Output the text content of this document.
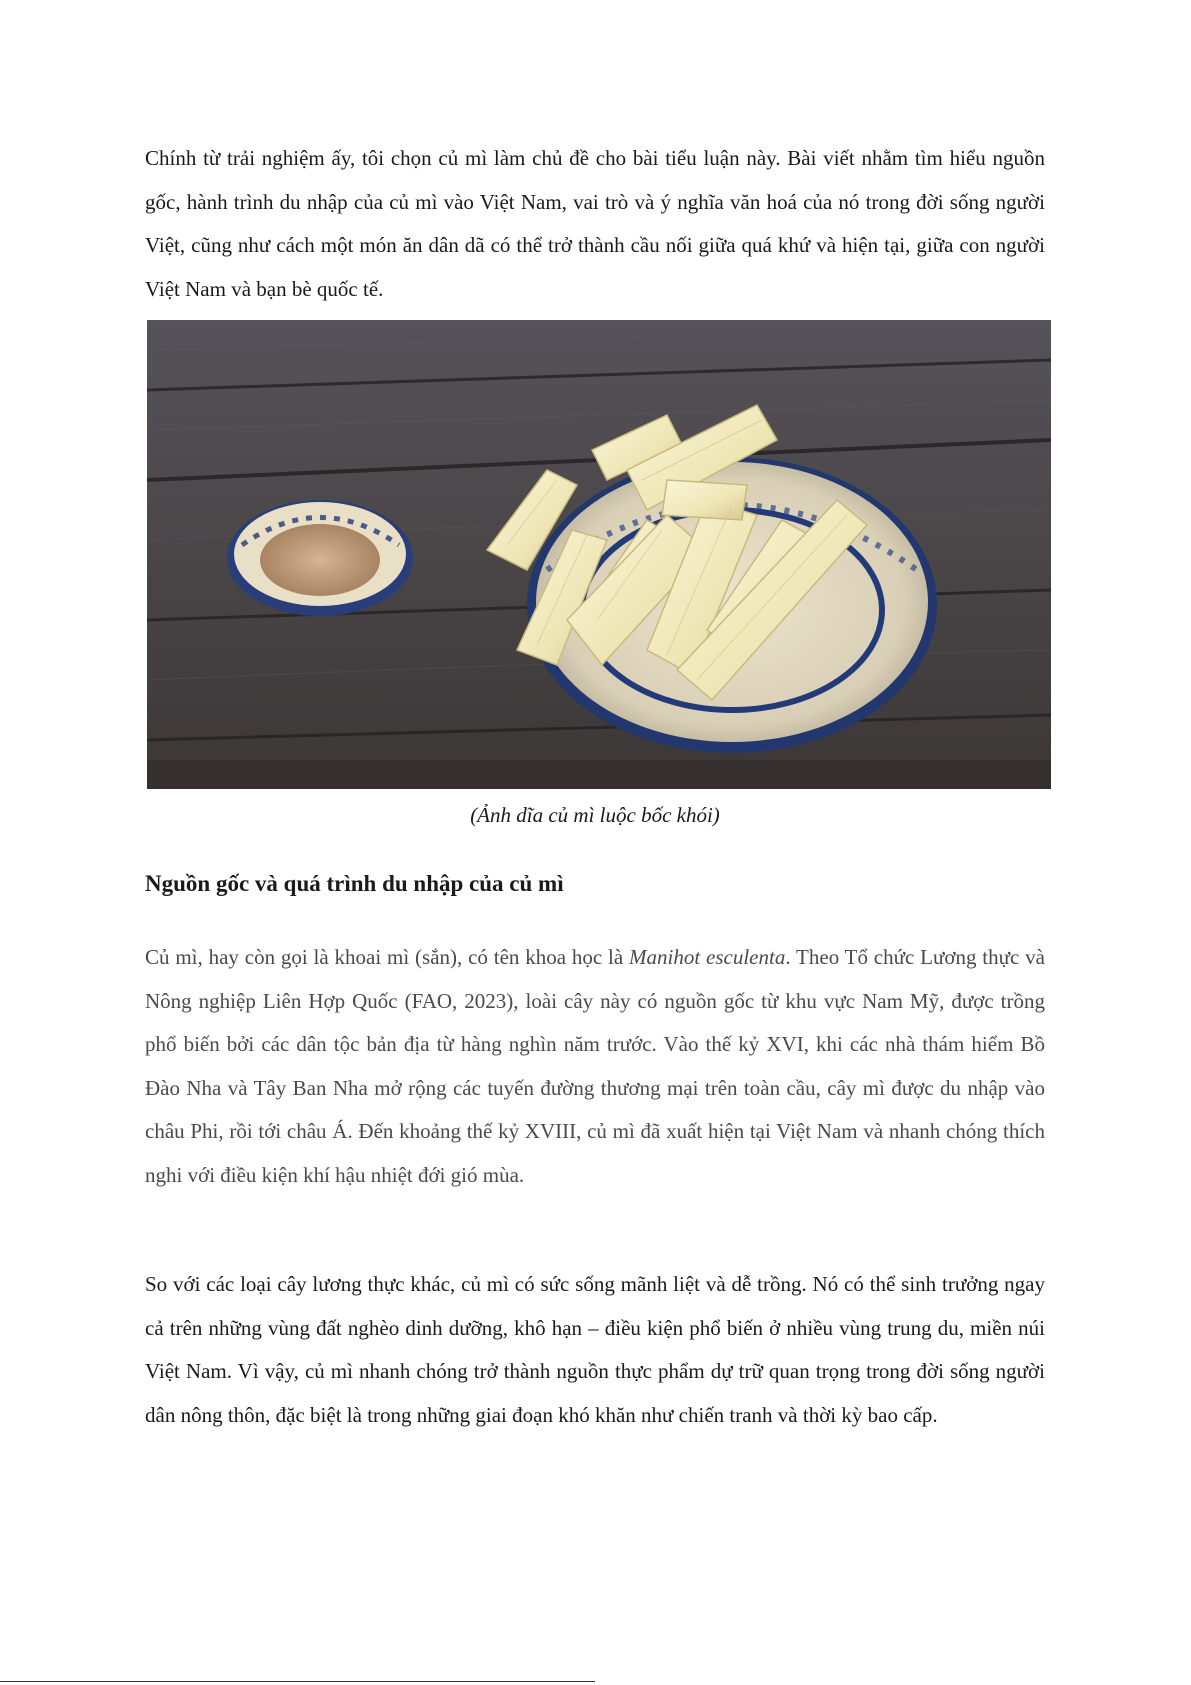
Chính từ trải nghiệm ấy, tôi chọn củ mì làm chủ đề cho bài tiểu luận này. Bài viết nhằm tìm hiểu nguồn gốc, hành trình du nhập của củ mì vào Việt Nam, vai trò và ý nghĩa văn hoá của nó trong đời sống người Việt, cũng như cách một món ăn dân dã có thể trở thành cầu nối giữa quá khứ và hiện tại, giữa con người Việt Nam và bạn bè quốc tế.

(Ảnh dĩa củ mì luộc bốc khói)

Nguồn gốc và quá trình du nhập của củ mì

Củ mì, hay còn gọi là khoai mì (sắn), có tên khoa học là Manihot esculenta. Theo Tổ chức Lương thực và Nông nghiệp Liên Hợp Quốc (FAO, 2023), loài cây này có nguồn gốc từ khu vực Nam Mỹ, được trồng phổ biến bởi các dân tộc bản địa từ hàng nghìn năm trước. Vào thế kỷ XVI, khi các nhà thám hiểm Bồ Đào Nha và Tây Ban Nha mở rộng các tuyến đường thương mại trên toàn cầu, cây mì được du nhập vào châu Phi, rồi tới châu Á. Đến khoảng thế kỷ XVIII, củ mì đã xuất hiện tại Việt Nam và nhanh chóng thích nghi với điều kiện khí hậu nhiệt đới gió mùa.

So với các loại cây lương thực khác, củ mì có sức sống mãnh liệt và dễ trồng. Nó có thể sinh trưởng ngay cả trên những vùng đất nghèo dinh dưỡng, khô hạn – điều kiện phổ biến ở nhiều vùng trung du, miền núi Việt Nam. Vì vậy, củ mì nhanh chóng trở thành nguồn thực phẩm dự trữ quan trọng trong đời sống người dân nông thôn, đặc biệt là trong những giai đoạn khó khăn như chiến tranh và thời kỳ bao cấp.
